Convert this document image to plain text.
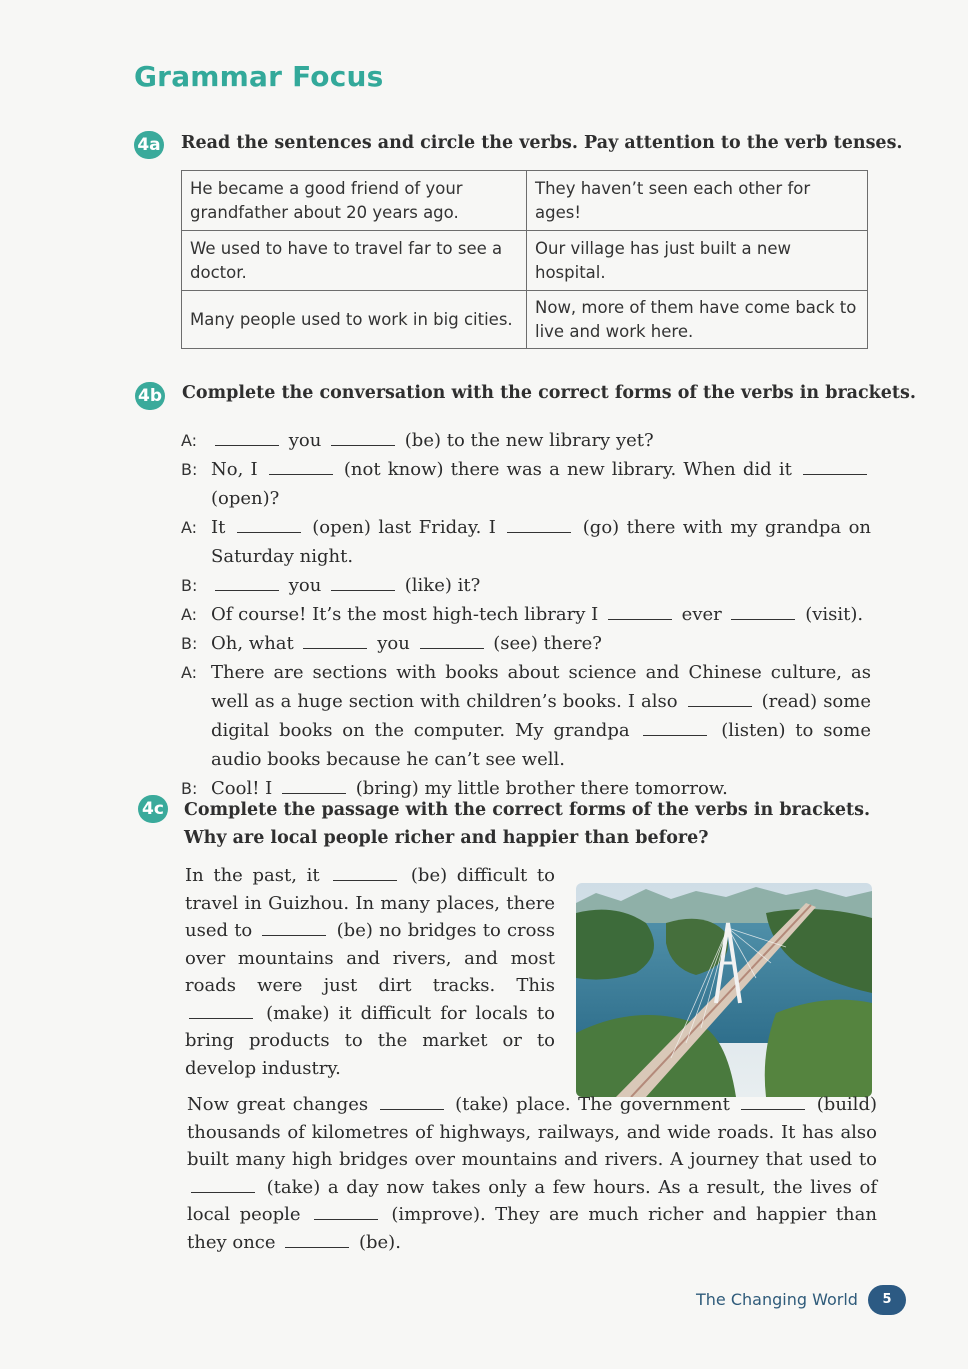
Grammar Focus
4a Read the sentences and circle the verbs. Pay attention to the verb tenses.
He became a good friend of your grandfather about 20 years ago.	They haven’t seen each other for ages!
We used to have to travel far to see a doctor.	Our village has just built a new hospital.
Many people used to work in big cities.	Now, more of them have come back to live and work here.
4b Complete the conversation with the correct forms of the verbs in brackets.
A:	you	(be) to the new library yet?
B: No, I	(not know) there was a new library. When did it  (open)?
A: It	(open) last Friday. I	(go) there with my grandpa on Saturday night.
B:	you	(like) it?
A: Of course! It’s the most high-tech library I	ever	(visit).
B: Oh, what	you	(see) there?
A: There are sections with books about science and Chinese culture, as well as a huge section with children’s books. I also	(read) some digital books on the computer. My grandpa	(listen) to some audio books because he can’t see well.
B: Cool! I	(bring) my little brother there tomorrow.
4c Complete the passage with the correct forms of the verbs in brackets. Why are local people richer and happier than before?
In the past, it	(be) difficult to travel in Guizhou. In many places, there used to	(be) no bridges to cross over mountains and rivers, and most roads were just dirt tracks. This  (make) it difficult for locals to bring products to the market or to develop industry.
Now great changes	(take) place. The government	(build) thousands of kilometres of highways, railways, and wide roads. It has also built many high bridges over mountains and rivers. A journey that used to  (take) a day now takes only a few hours. As a result, the lives of local people	(improve). They are much richer and happier than they once	(be).
The Changing World	5
